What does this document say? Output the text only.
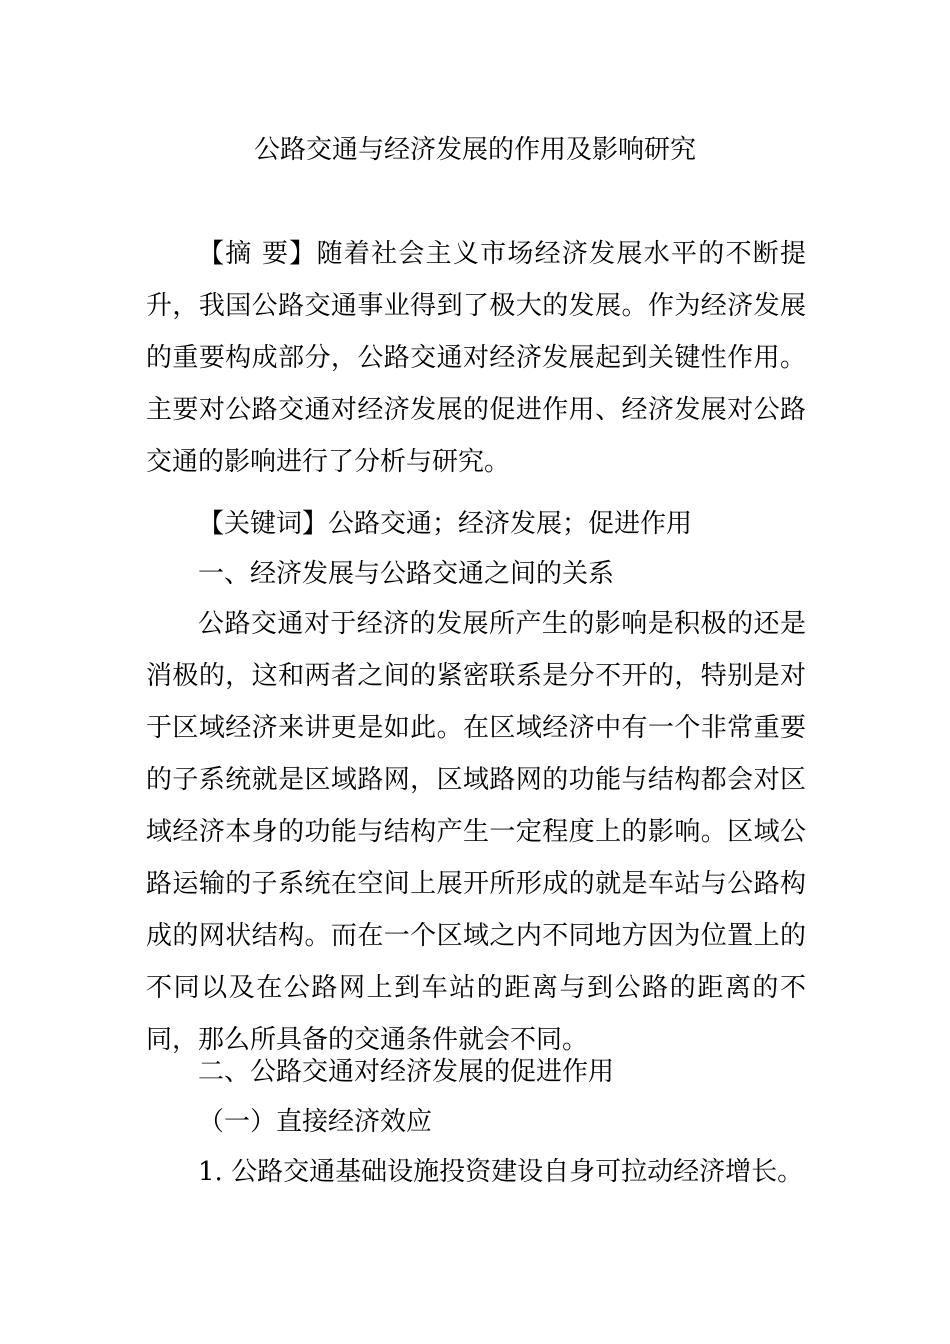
公路交通与经济发展的作用及影响研究

【摘 要】随着社会主义市场经济发展水平的不断提升，我国公路交通事业得到了极大的发展。作为经济发展的重要构成部分，公路交通对经济发展起到关键性作用。主要对公路交通对经济发展的促进作用、经济发展对公路交通的影响进行了分析与研究。

【关键词】公路交通；经济发展；促进作用

一、经济发展与公路交通之间的关系

公路交通对于经济的发展所产生的影响是积极的还是消极的，这和两者之间的紧密联系是分不开的，特别是对于区域经济来讲更是如此。在区域经济中有一个非常重要的子系统就是区域路网，区域路网的功能与结构都会对区域经济本身的功能与结构产生一定程度上的影响。区域公路运输的子系统在空间上展开所形成的就是车站与公路构成的网状结构。而在一个区域之内不同地方因为位置上的不同以及在公路网上到车站的距离与到公路的距离的不同，那么所具备的交通条件就会不同。

二、公路交通对经济发展的促进作用

（一）直接经济效应

1. 公路交通基础设施投资建设自身可拉动经济增长。
